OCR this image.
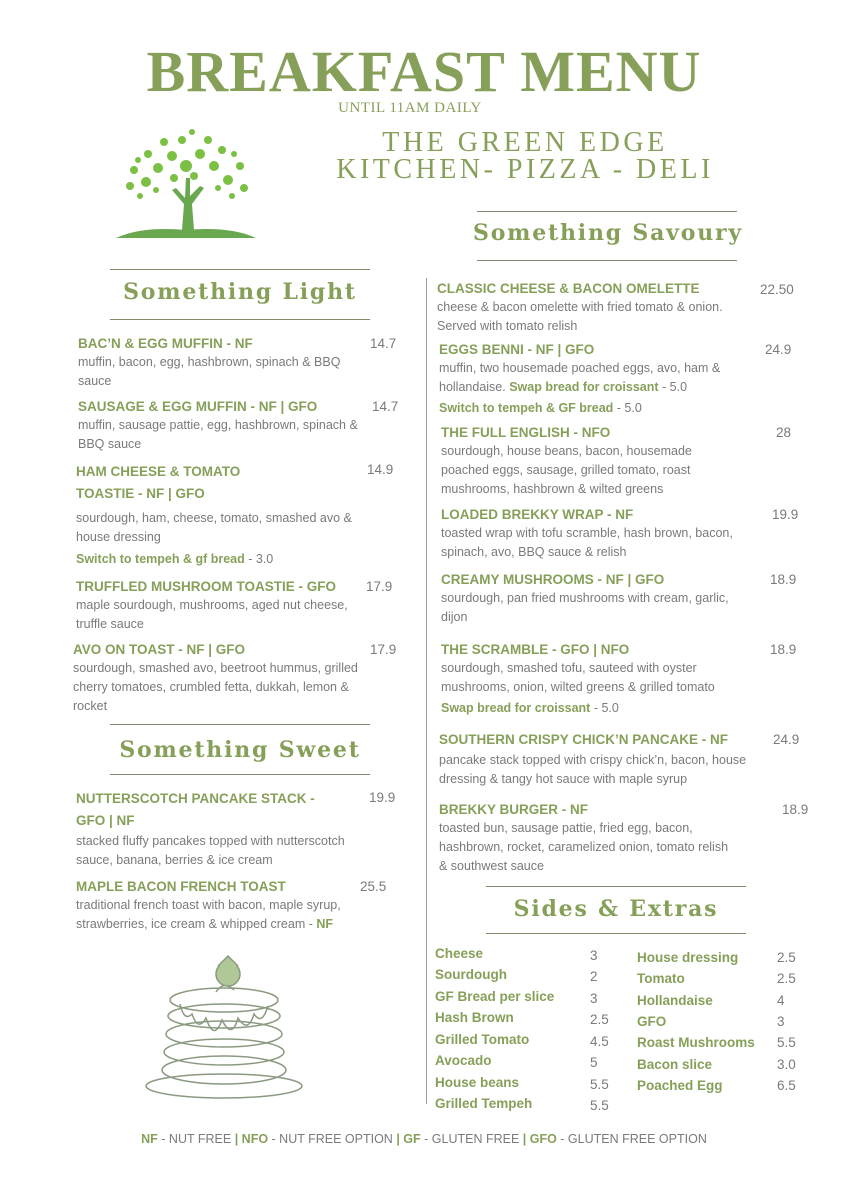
BREAKFAST MENU
UNTIL 11AM DAILY
THE GREEN EDGE
KITCHEN- PIZZA - DELI
Something Savoury
Something Light
Something Sweet
Sides & Extras
BAC’N & EGG MUFFIN - NF
muffin, bacon, egg, hashbrown, spinach & BBQ sauce
14.7
SAUSAGE & EGG MUFFIN - NF | GFO
muffin, sausage pattie, egg, hashbrown, spinach & BBQ sauce
14.7
HAM CHEESE & TOMATO
TOASTIE - NF | GFO
sourdough, ham, cheese, tomato, smashed avo & house dressing
Switch to tempeh & gf bread - 3.0
14.9
TRUFFLED MUSHROOM TOASTIE - GFO
maple sourdough, mushrooms, aged nut cheese, truffle sauce
17.9
AVO ON TOAST - NF | GFO
sourdough, smashed avo, beetroot hummus, grilled cherry tomatoes, crumbled fetta, dukkah, lemon & rocket
17.9
NUTTERSCOTCH PANCAKE STACK -
GFO | NF
stacked fluffy pancakes topped with nutterscotch sauce, banana, berries & ice cream
19.9
MAPLE BACON FRENCH TOAST
traditional french toast with bacon, maple syrup, strawberries, ice cream & whipped cream - NF
25.5
CLASSIC CHEESE & BACON OMELETTE
cheese & bacon omelette with fried tomato & onion. Served with tomato relish
22.50
EGGS BENNI - NF | GFO
muffin, two housemade poached eggs, avo, ham & hollandaise. Swap bread for croissant - 5.0
Switch to tempeh & GF bread - 5.0
24.9
THE FULL ENGLISH - NFO
sourdough, house beans, bacon, housemade poached eggs, sausage, grilled tomato, roast mushrooms, hashbrown & wilted greens
28
LOADED BREKKY WRAP - NF
toasted wrap with tofu scramble, hash brown, bacon, spinach, avo, BBQ sauce & relish
19.9
CREAMY MUSHROOMS - NF | GFO
sourdough, pan fried mushrooms with cream, garlic, dijon
18.9
THE SCRAMBLE - GFO | NFO
sourdough, smashed tofu, sauteed with oyster mushrooms, onion, wilted greens & grilled tomato
Swap bread for croissant - 5.0
18.9
SOUTHERN CRISPY CHICK’N PANCAKE - NF
pancake stack topped with crispy chick’n, bacon, house dressing & tangy hot sauce with maple syrup
24.9
BREKKY BURGER - NF
toasted bun, sausage pattie, fried egg, bacon, hashbrown, rocket, caramelized onion, tomato relish & southwest sauce
18.9
Cheese	3
Sourdough	2
GF Bread per slice	3
Hash Brown	2.5
Grilled Tomato	4.5
Avocado	5
House beans	5.5
Grilled Tempeh	5.5
House dressing	2.5
Tomato	2.5
Hollandaise	4
GFO	3
Roast Mushrooms 5.5
Bacon slice	3.0
Poached Egg	6.5
NF - NUT FREE | NFO - NUT FREE OPTION | GF - GLUTEN FREE | GFO - GLUTEN FREE OPTION
